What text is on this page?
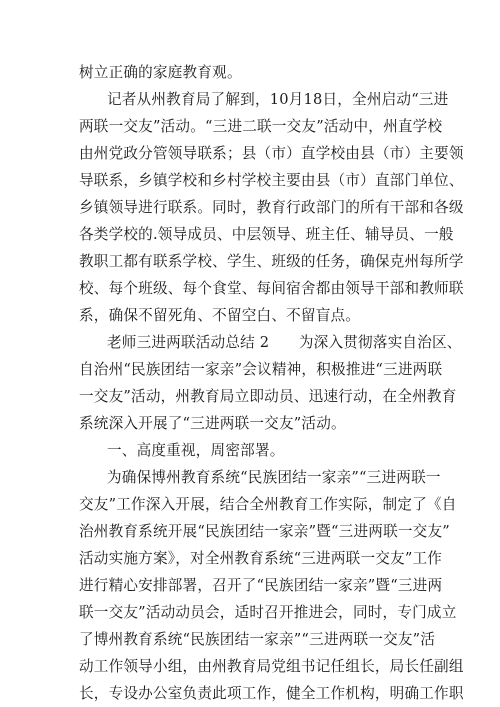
树立正确的家庭教育观。
记者从州教育局了解到，10月18日，全州启动“三进
两联一交友”活动。“三进二联一交友”活动中，州直学校
由州党政分管领导联系；县（市）直学校由县（市）主要领
导联系，乡镇学校和乡村学校主要由县（市）直部门单位、
乡镇领导进行联系。同时，教育行政部门的所有干部和各级
各类学校的.领导成员、中层领导、班主任、辅导员、一般
教职工都有联系学校、学生、班级的任务，确保克州每所学
校、每个班级、每个食堂、每间宿舍都由领导干部和教师联
系，确保不留死角、不留空白、不留盲点。
老师三进两联活动总结 2　　为深入贯彻落实自治区、
自治州“民族团结一家亲”会议精神，积极推进“三进两联
一交友”活动，州教育局立即动员、迅速行动，在全州教育
系统深入开展了“三进两联一交友”活动。
一、高度重视，周密部署。
为确保博州教育系统“民族团结一家亲”“三进两联一
交友”工作深入开展，结合全州教育工作实际，制定了《自
治州教育系统开展“民族团结一家亲”暨“三进两联一交友”
活动实施方案》，对全州教育系统“三进两联一交友”工作
进行精心安排部署，召开了“民族团结一家亲”暨“三进两
联一交友”活动动员会，适时召开推进会，同时，专门成立
了博州教育系统“民族团结一家亲”“三进两联一交友”活
动工作领导小组，由州教育局党组书记任组长，局长任副组
长，专设办公室负责此项工作，健全工作机构，明确工作职
